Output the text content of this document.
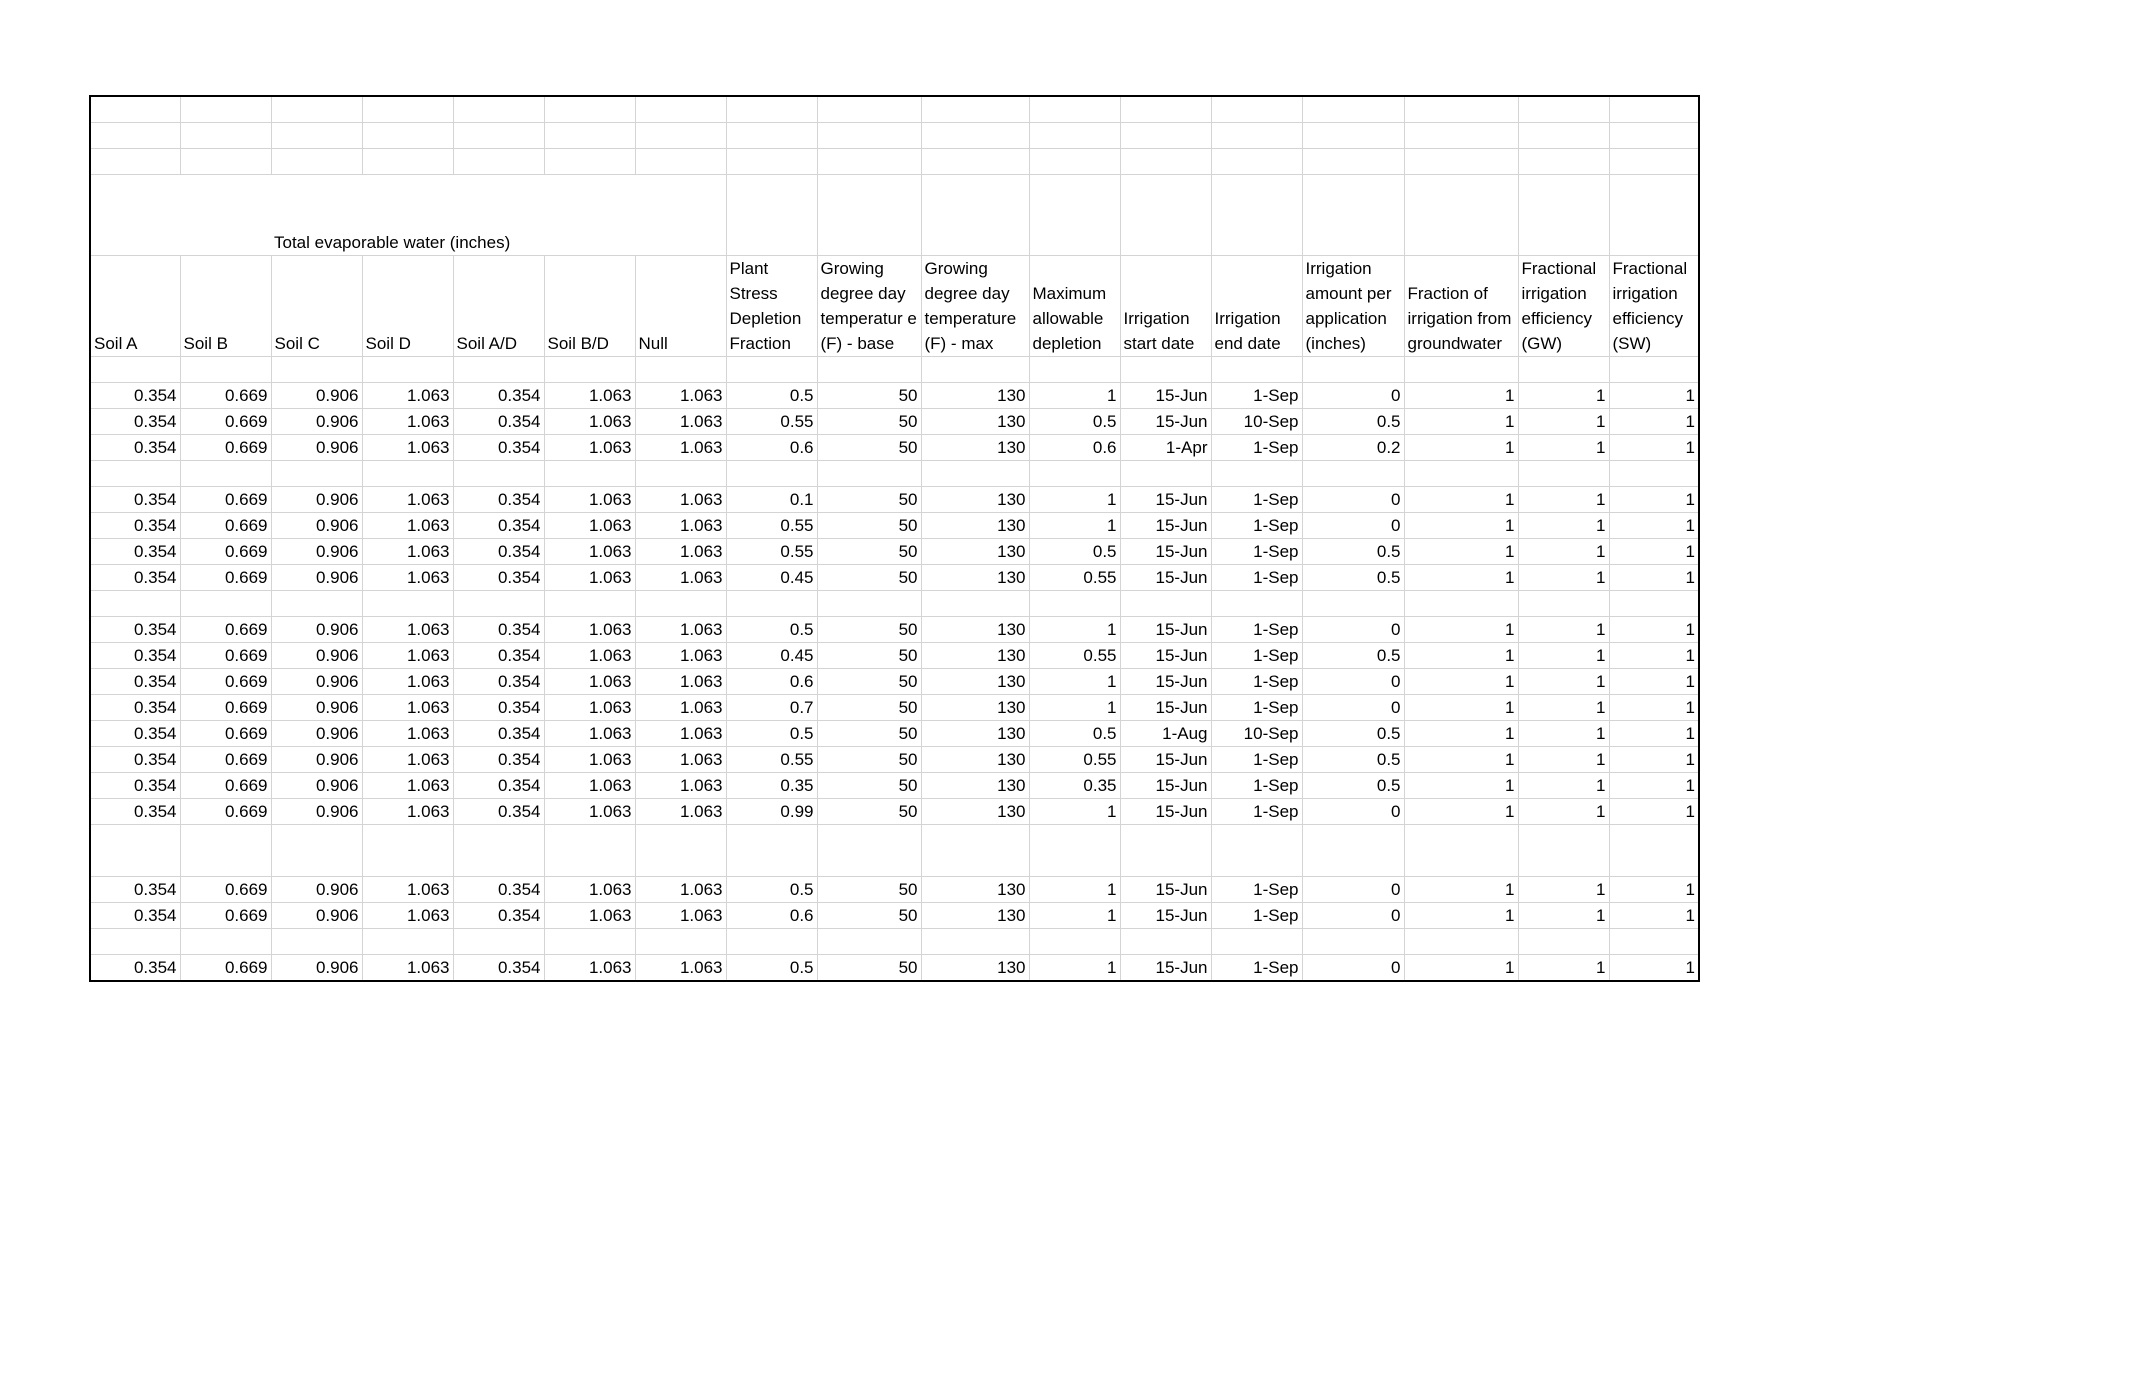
		Total evaporable water (inches)														
Soil A	Soil B	Soil C	Soil D	Soil A/D	Soil B/D	Null	Plant Stress Depletion Fraction	Growing degree day temperatur e (F) - base	Growing degree day temperature (F) - max	Maximum allowable depletion	Irrigation start date	Irrigation end date	Irrigation amount per application (inches)	Fraction of irrigation from groundwater	Fractional irrigation efficiency (GW)	Fractional irrigation efficiency (SW)

0.354	0.669	0.906	1.063	0.354	1.063	1.063	0.5	50	130	1	15-Jun	1-Sep	0	1	1	1
0.354	0.669	0.906	1.063	0.354	1.063	1.063	0.55	50	130	0.5	15-Jun	10-Sep	0.5	1	1	1
0.354	0.669	0.906	1.063	0.354	1.063	1.063	0.6	50	130	0.6	1-Apr	1-Sep	0.2	1	1	1

0.354	0.669	0.906	1.063	0.354	1.063	1.063	0.1	50	130	1	15-Jun	1-Sep	0	1	1	1
0.354	0.669	0.906	1.063	0.354	1.063	1.063	0.55	50	130	1	15-Jun	1-Sep	0	1	1	1
0.354	0.669	0.906	1.063	0.354	1.063	1.063	0.55	50	130	0.5	15-Jun	1-Sep	0.5	1	1	1
0.354	0.669	0.906	1.063	0.354	1.063	1.063	0.45	50	130	0.55	15-Jun	1-Sep	0.5	1	1	1

0.354	0.669	0.906	1.063	0.354	1.063	1.063	0.5	50	130	1	15-Jun	1-Sep	0	1	1	1
0.354	0.669	0.906	1.063	0.354	1.063	1.063	0.45	50	130	0.55	15-Jun	1-Sep	0.5	1	1	1
0.354	0.669	0.906	1.063	0.354	1.063	1.063	0.6	50	130	1	15-Jun	1-Sep	0	1	1	1
0.354	0.669	0.906	1.063	0.354	1.063	1.063	0.7	50	130	1	15-Jun	1-Sep	0	1	1	1
0.354	0.669	0.906	1.063	0.354	1.063	1.063	0.5	50	130	0.5	1-Aug	10-Sep	0.5	1	1	1
0.354	0.669	0.906	1.063	0.354	1.063	1.063	0.55	50	130	0.55	15-Jun	1-Sep	0.5	1	1	1
0.354	0.669	0.906	1.063	0.354	1.063	1.063	0.35	50	130	0.35	15-Jun	1-Sep	0.5	1	1	1
0.354	0.669	0.906	1.063	0.354	1.063	1.063	0.99	50	130	1	15-Jun	1-Sep	0	1	1	1

0.354	0.669	0.906	1.063	0.354	1.063	1.063	0.5	50	130	1	15-Jun	1-Sep	0	1	1	1
0.354	0.669	0.906	1.063	0.354	1.063	1.063	0.6	50	130	1	15-Jun	1-Sep	0	1	1	1

0.354	0.669	0.906	1.063	0.354	1.063	1.063	0.5	50	130	1	15-Jun	1-Sep	0	1	1	1
